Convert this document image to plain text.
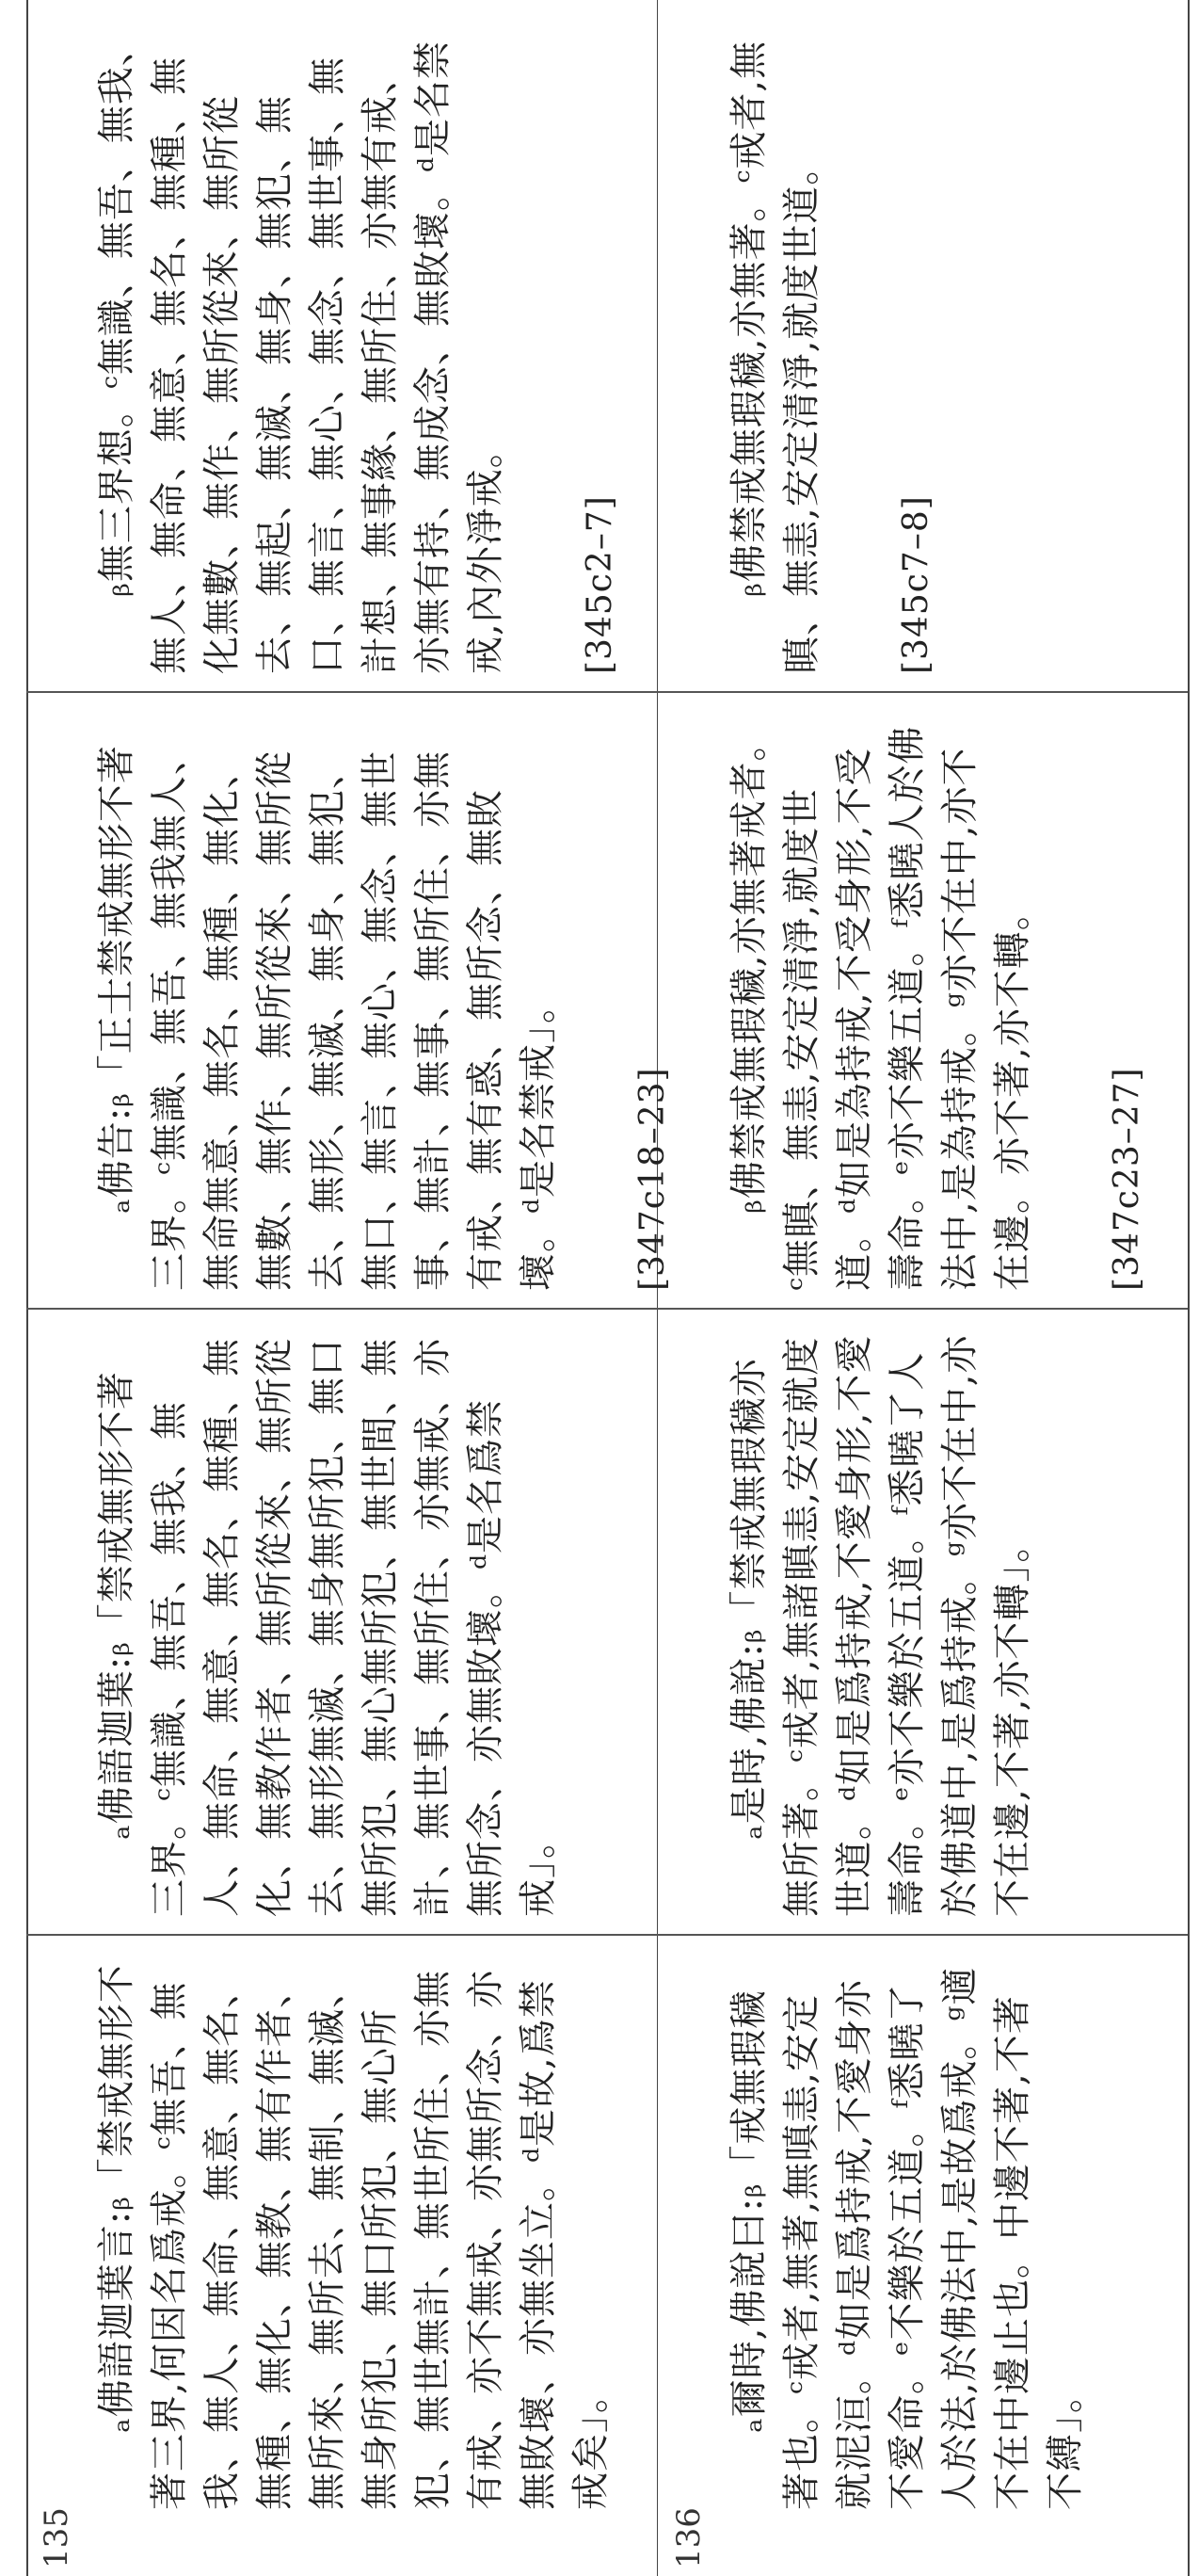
135

ₐ佛語迦葉言:ᵦ「禁戒無形不著三界,何因名爲戒。ᶜ無吾、無我、無人、無命、無意、無名、無種、無化、無教、無有作者、無所來、無所去、無制、無滅、無身所犯、無口所犯、無心所犯、無世無計、無世所住、亦無有戒、亦不無戒、亦無所念、亦無敗壞、亦無坐立。ᵈ是故,爲禁戒矣」。

ₐ佛語迦葉:ᵦ「禁戒無形不著三界。ᶜ無識、無吾、無我、無人、無命、無意、無名、無種、無化、無教作者、無所從來、無所從去、無形無滅、無身無所犯、無口無所犯、無心無所犯、無世間、無計、無世事、無所住、亦無戒、亦無所念、亦無敗壞。ᵈ是名爲禁戒」。

ₐ佛告:ᵦ「正士禁戒無形不著三界。ᶜ無識、無吾、無我無人、無命無意、無名、無種、無化、無數、無作、無所從來、無所從去、無形、無滅、無身、無犯、無口、無言、無心、無念、無世事、無計、無事、無所住、亦無有戒、無有惑、無所念、無敗壞。ᵈ是名禁戒」。
[347c18–23]

ᵦ無三界想。ᶜ無識、無吾、無我、無人、無命、無意、無名、無種、無化無數、無作、無所從來、無所從去、無起、無滅、無身、無犯、無口、無言、無心、無念、無世事、無計想、無事緣、無所住、亦無有戒、亦無有持、無成念、無敗壞。ᵈ是名禁戒,內外淨戒。
[345c2–7]

136

ₐ爾時,佛說曰:ᵦ「戒無瑕穢著也。ᶜ戒者,無著,無嗔恚,安定就泥洹。ᵈ如是爲持戒,不愛身亦不愛命。ᵉ不樂於五道。ᶠ悉曉了人於法,於佛法中,是故爲戒。ᵍ適不在中邊止也。中邊不著,不著不縛」。

ₐ是時,佛說:ᵦ「禁戒無瑕穢亦無所著。ᶜ戒者,無諸瞋恚,安定就度世道。ᵈ如是爲持戒,不愛身形,不愛壽命。ᵉ亦不樂於五道。ᶠ悉曉了人於佛道中,是爲持戒。ᵍ亦不在中,亦不在邊,不著,亦不轉」。

ᵦ佛禁戒無瑕穢,亦無著戒者。ᶜ無瞋、無恚,安定清淨,就度世道。ᵈ如是為持戒,不受身形,不受壽命。ᵉ亦不樂五道。ᶠ悉曉人於佛法中,是為持戒。ᵍ亦不在中,亦不在邊。亦不著,亦不轉。
[347c23–27]

ᵦ佛禁戒無瑕穢,亦無著。ᶜ戒者,無瞋、無恚,安定清淨,就度世道。
[345c7–8]
